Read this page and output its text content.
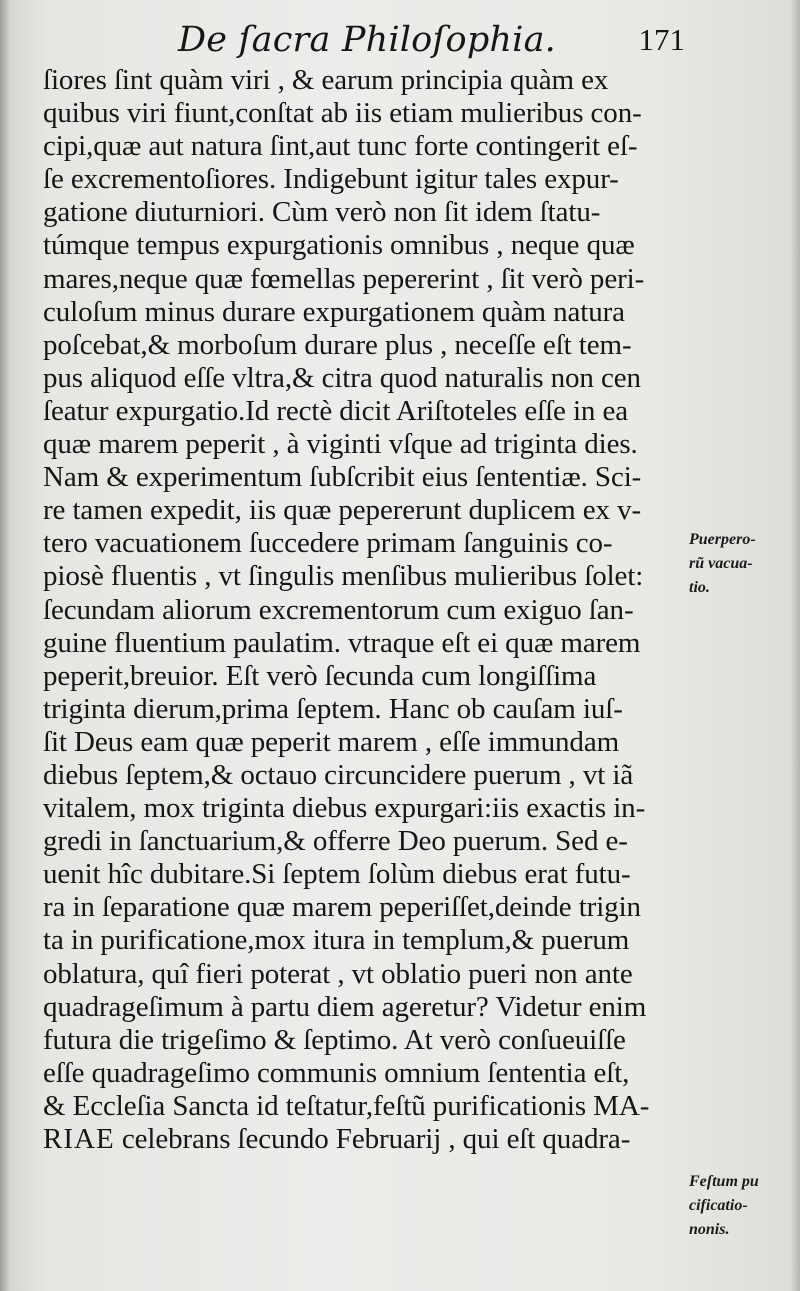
De ſacra Philoſophia.	171
ſiores ſint quàm viri , & earum principia quàm ex
quibus viri fiunt,conſtat ab iis etiam mulieribus con-
cipi,quæ aut natura ſint,aut tunc forte contingerit eſ-
ſe excrementoſiores. Indigebunt igitur tales expur-
gatione diuturniori. Cùm verò non ſit idem ſtatu-
túmque tempus expurgationis omnibus , neque quæ
mares,neque quæ fœmellas pepererint , ſit verò peri-
culoſum minus durare expurgationem quàm natura
poſcebat,& morboſum durare plus , neceſſe eſt tem-
pus aliquod eſſe vltra,& citra quod naturalis non cen
ſeatur expurgatio.Id rectè dicit Ariſtoteles eſſe in ea
quæ marem peperit , à viginti vſque ad triginta dies.
Nam & experimentum ſubſcribit eius ſententiæ. Sci-
re tamen expedit, iis quæ pepererunt duplicem ex v-
tero vacuationem ſuccedere primam ſanguinis co-
piosè fluentis , vt ſingulis menſibus mulieribus ſolet:
ſecundam aliorum excrementorum cum exiguo ſan-
guine fluentium paulatim. vtraque eſt ei quæ marem
peperit,breuior. Eſt verò ſecunda cum longiſſima
triginta dierum,prima ſeptem. Hanc ob cauſam iuſ-
ſit Deus eam quæ peperit marem , eſſe immundam
diebus ſeptem,& octauo circuncidere puerum , vt iã
vitalem, mox triginta diebus expurgari:iis exactis in-
gredi in ſanctuarium,& offerre Deo puerum. Sed e-
uenit hîc dubitare.Si ſeptem ſolùm diebus erat futu-
ra in ſeparatione quæ marem peperiſſet,deinde trigin
ta in purificatione,mox itura in templum,& puerum
oblatura, quî fieri poterat , vt oblatio pueri non ante
quadrageſimum à partu diem ageretur? Videtur enim
futura die trigeſimo & ſeptimo. At verò conſueuiſſe
eſſe quadrageſimo communis omnium ſententia eſt,
& Eccleſia Sancta id teſtatur,feſtũ purificationis MA-
RIAE celebrans ſecundo Februarij , qui eſt quadra-
Puerpero-
rũ vacua-
tio.
Feſtum pu
cificatio-
nonis.
